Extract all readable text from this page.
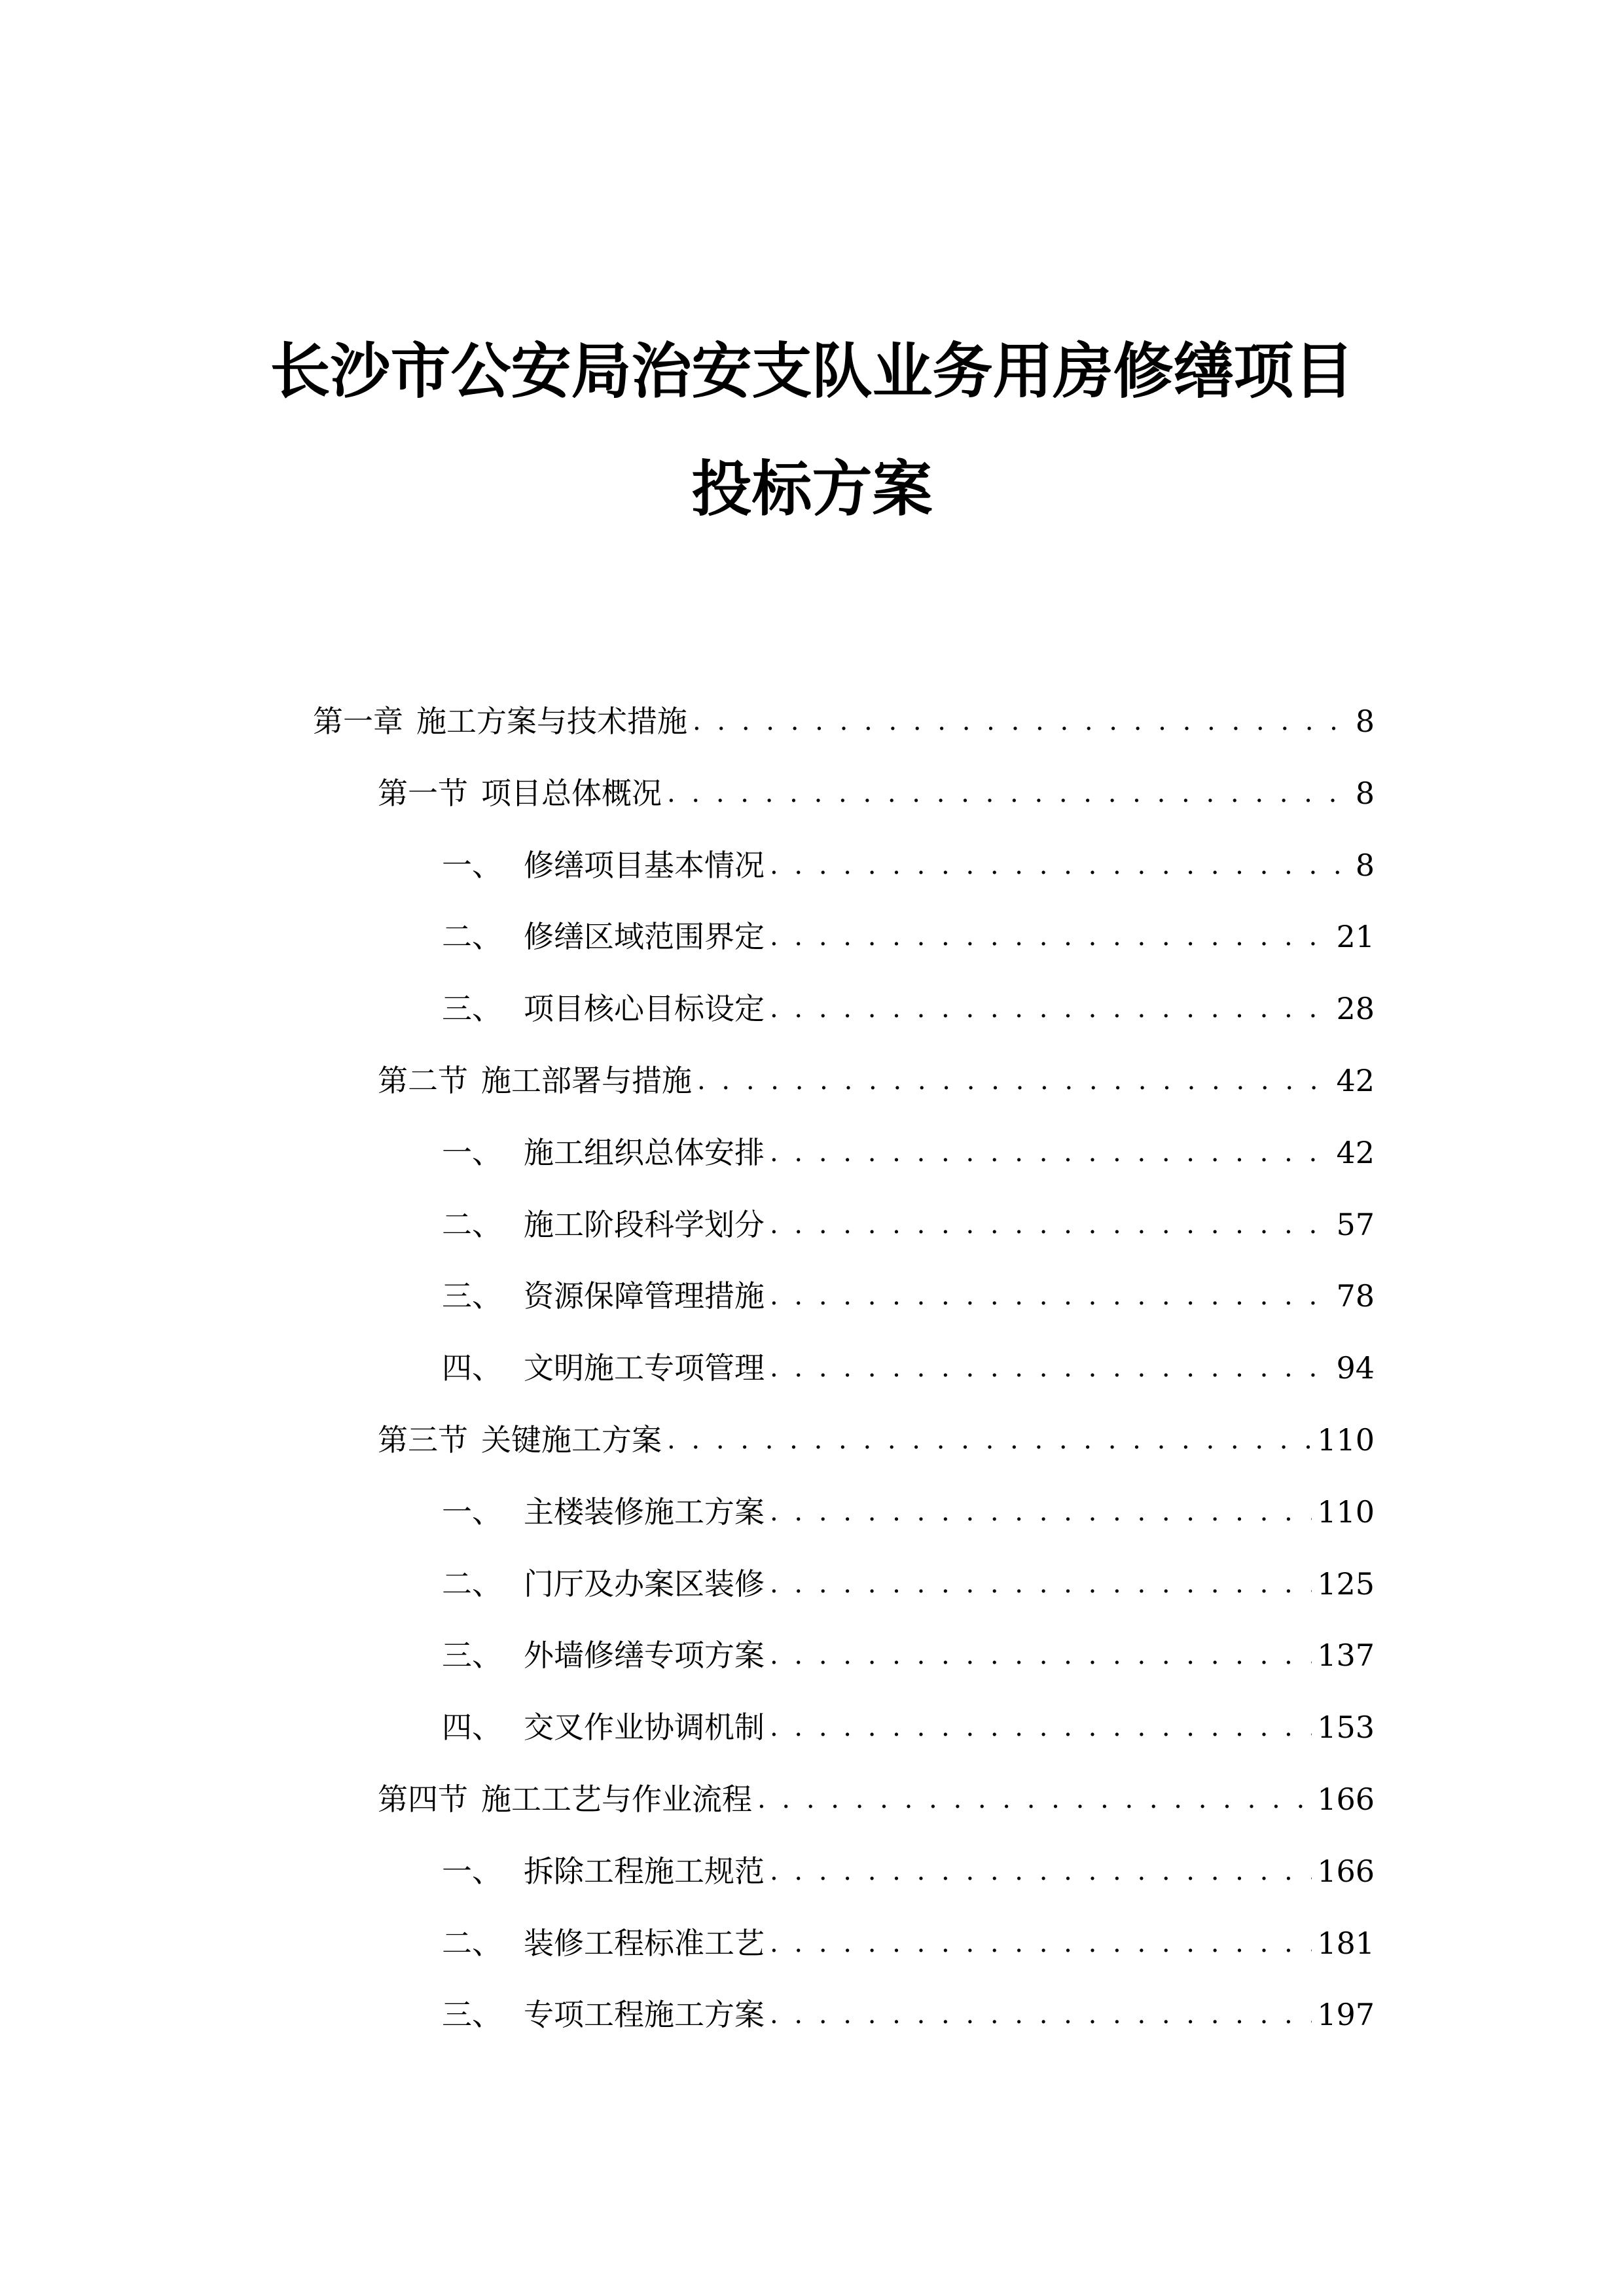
长沙市公安局治安支队业务用房修缮项目
投标方案
第一章 施工方案与技术措施 . . .	8
第一节 项目总体概况 . . .	8
一、 修缮项目基本情况 . . .	8
二、 修缮区域范围界定 . . .	21
三、 项目核心目标设定 . . .	28
第二节 施工部署与措施 . . .	42
一、 施工组织总体安排 . . .	42
二、 施工阶段科学划分 . . .	57
三、 资源保障管理措施 . . .	78
四、 文明施工专项管理 . . .	94
第三节 关键施工方案 . . .	110
一、 主楼装修施工方案 . . .	110
二、 门厅及办案区装修 . . .	125
三、 外墙修缮专项方案 . . .	137
四、 交叉作业协调机制 . . .	153
第四节 施工工艺与作业流程 . . .	166
一、 拆除工程施工规范 . . .	166
二、 装修工程标准工艺 . . .	181
三、 专项工程施工方案 . . .	197
